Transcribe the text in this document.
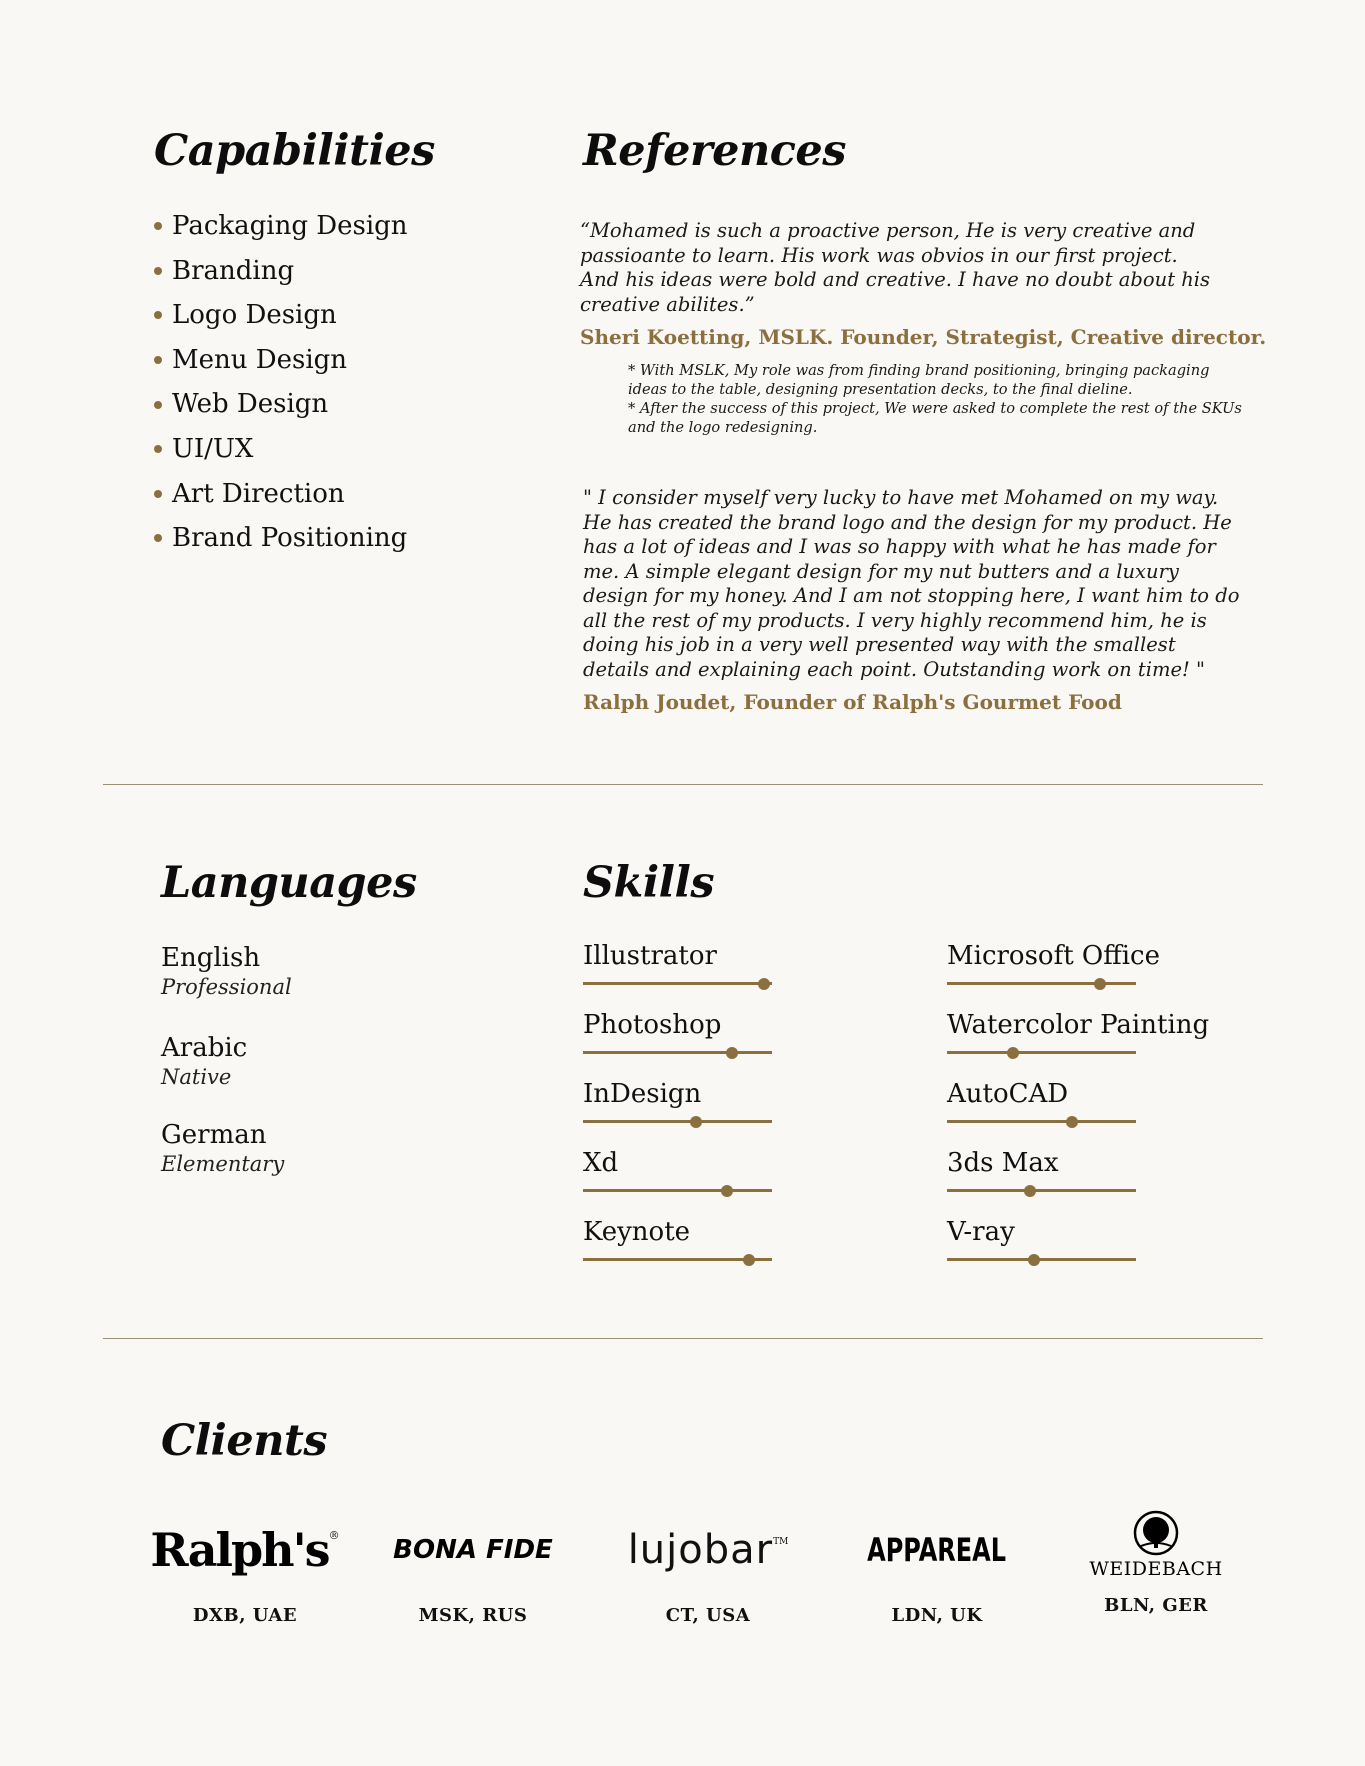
Capabilities
Packaging Design
Branding
Logo Design
Menu Design
Web Design
UI/UX
Art Direction
Brand Positioning
References

“Mohamed is such a proactive person, He is very creative and passioante to learn. His work was obvios in our first project. And his ideas were bold and creative. I have no doubt about his creative abilites.”

Sheri Koetting, MSLK. Founder, Strategist, Creative director.
* With MSLK, My role was from finding brand positioning, bringing packaging ideas to the table, designing presentation decks, to the final dieline.
* After the success of this project, We were asked to complete the rest of the SKUs and the logo redesigning.

" I consider myself very lucky to have met Mohamed on my way. He has created the brand logo and the design for my product. He has a lot of ideas and I was so happy with what he has made for me. A simple elegant design for my nut butters and a luxury design for my honey. And I am not stopping here, I want him to do all the rest of my products. I very highly recommend him, he is doing his job in a very well presented way with the smallest details and explaining each point. Outstanding work on time! "

Ralph Joudet, Founder of Ralph's Gourmet Food
Languages
English
Professional
Arabic
Native
German
Elementary
Skills
Illustrator
Photoshop
InDesign
Xd
Keynote
Microsoft Office
Watercolor Painting
AutoCAD
3ds Max
V-ray
Clients
Ralph's ®
DXB, UAE
BONA FIDE
MSK, RUS
lujobar TM
CT, USA
APPAREAL
LDN, UK
WEIDEBACH
BLN, GER
